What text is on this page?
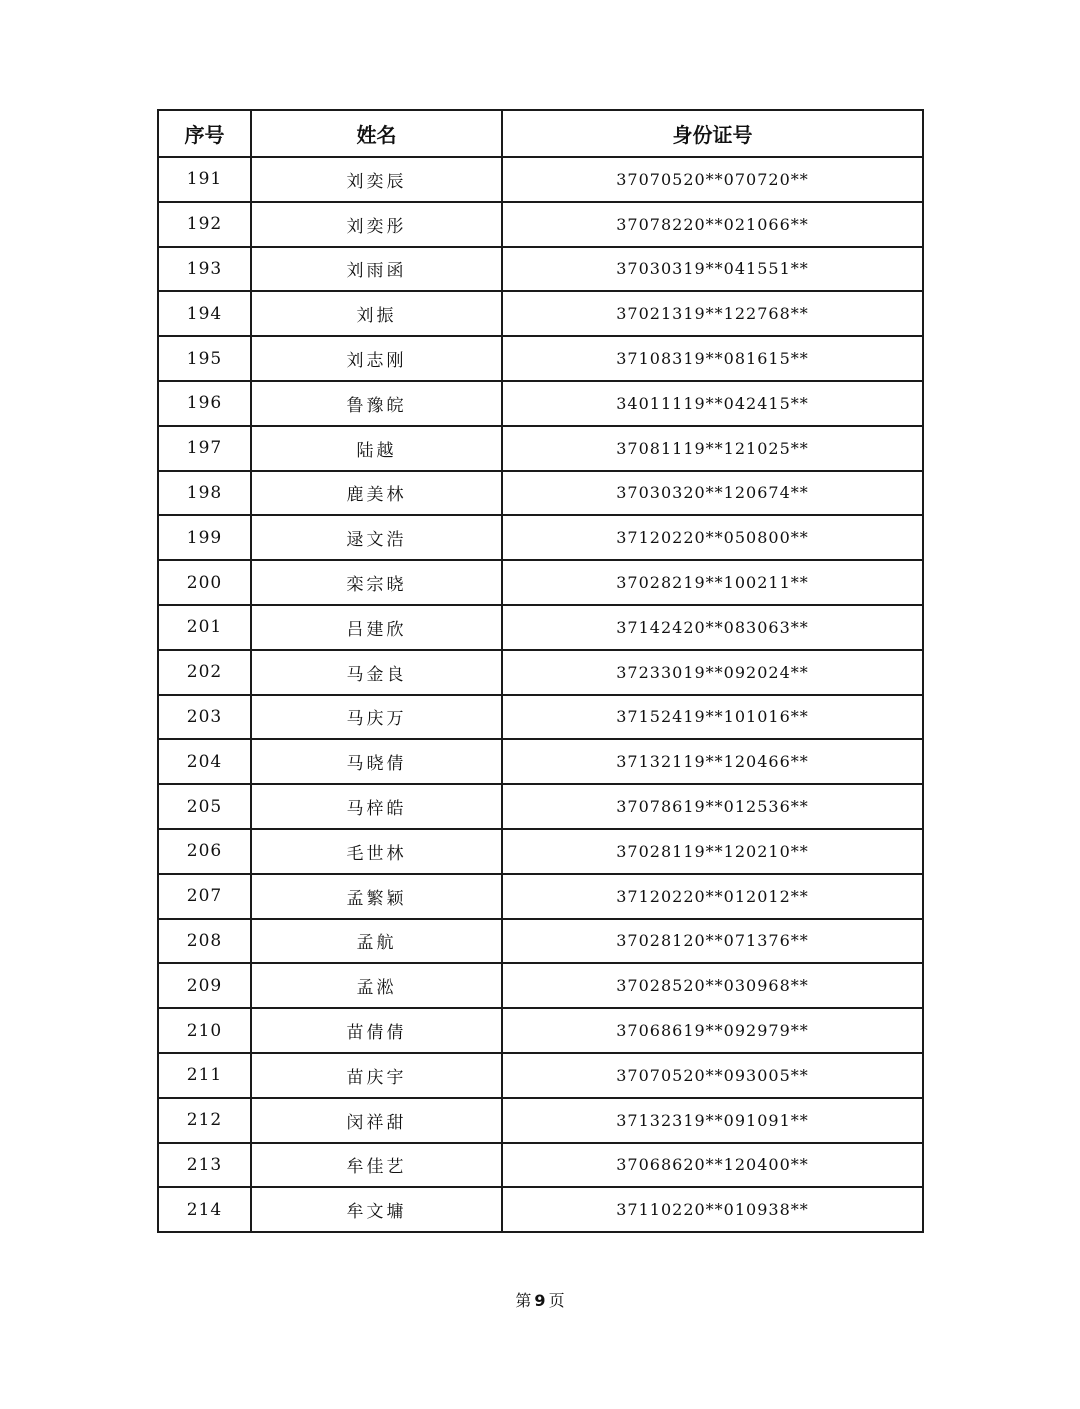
序号	姓名	身份证号
191	刘奕辰	37070520**070720**
192	刘奕彤	37078220**021066**
193	刘雨函	37030319**041551**
194	刘振	37021319**122768**
195	刘志刚	37108319**081615**
196	鲁豫皖	34011119**042415**
197	陆越	37081119**121025**
198	鹿美林	37030320**120674**
199	逯文浩	37120220**050800**
200	栾宗晓	37028219**100211**
201	吕建欣	37142420**083063**
202	马金良	37233019**092024**
203	马庆万	37152419**101016**
204	马晓倩	37132119**120466**
205	马梓皓	37078619**012536**
206	毛世林	37028119**120210**
207	孟繁颖	37120220**012012**
208	孟航	37028120**071376**
209	孟淞	37028520**030968**
210	苗倩倩	37068619**092979**
211	苗庆宇	37070520**093005**
212	闵祥甜	37132319**091091**
213	牟佳艺	37068620**120400**
214	牟文墉	37110220**010938**
第 9 页
